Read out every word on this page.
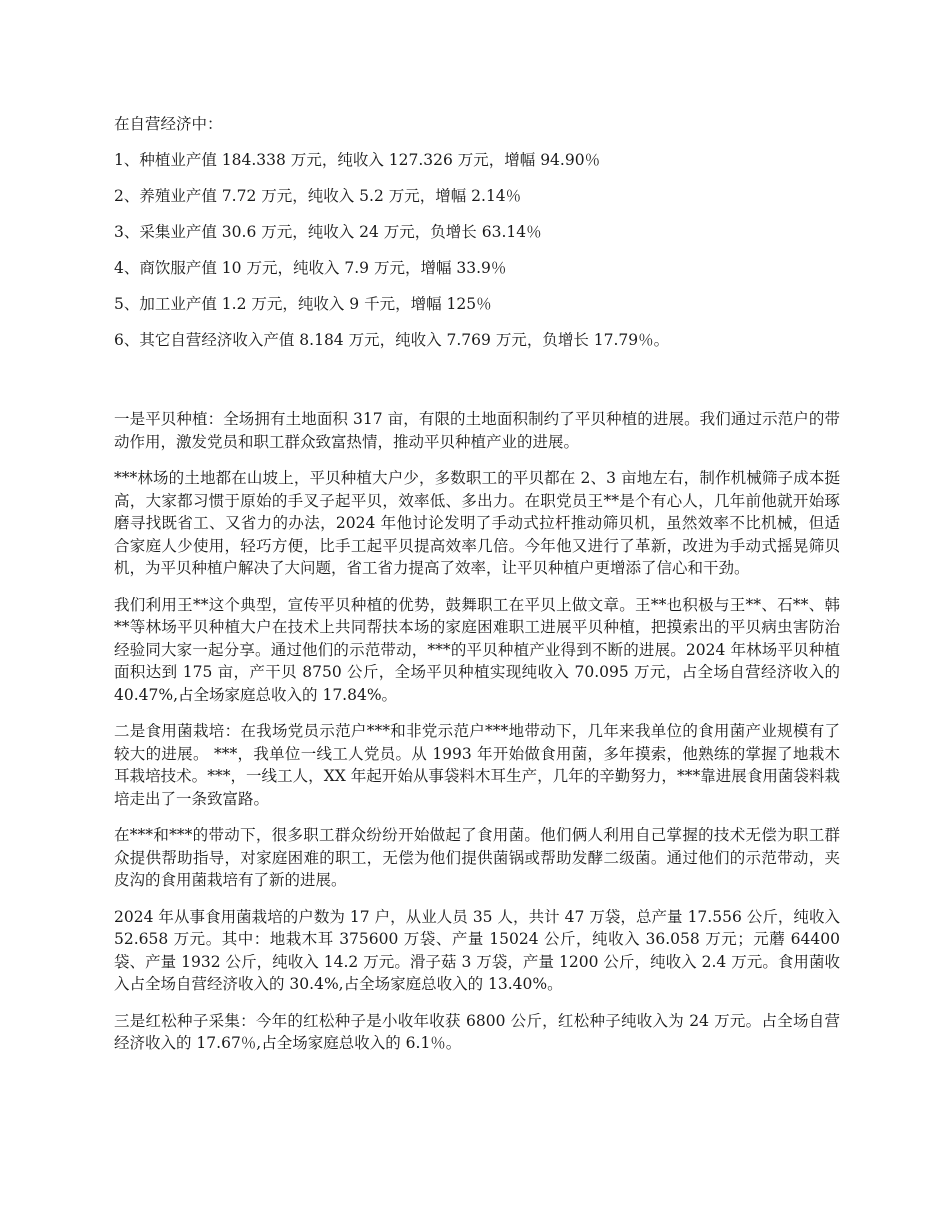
在自营经济中：

1、种植业产值 184.338 万元，纯收入 127.326 万元，增幅 94.90％

2、养殖业产值 7.72 万元，纯收入 5.2 万元，增幅 2.14％

3、采集业产值 30.6 万元，纯收入 24 万元，负增长 63.14％

4、商饮服产值 10 万元，纯收入 7.9 万元，增幅 33.9％

5、加工业产值 1.2 万元，纯收入 9 千元，增幅 125％

6、其它自营经济收入产值 8.184 万元，纯收入 7.769 万元，负增长 17.79％。

一是平贝种植：全场拥有土地面积 317 亩，有限的土地面积制约了平贝种植的进展。我们通过示范户的带动作用，激发党员和职工群众致富热情，推动平贝种植产业的进展。

***林场的土地都在山坡上，平贝种植大户少，多数职工的平贝都在 2、3 亩地左右，制作机械筛子成本挺高，大家都习惯于原始的手叉子起平贝，效率低、多出力。在职党员王**是个有心人，几年前他就开始琢磨寻找既省工、又省力的办法，2024 年他讨论发明了手动式拉杆推动筛贝机，虽然效率不比机械，但适合家庭人少使用，轻巧方便，比手工起平贝提高效率几倍。今年他又进行了革新，改进为手动式摇晃筛贝机，为平贝种植户解决了大问题，省工省力提高了效率，让平贝种植户更增添了信心和干劲。

我们利用王**这个典型，宣传平贝种植的优势，鼓舞职工在平贝上做文章。王**也积极与王**、石**、韩**等林场平贝种植大户在技术上共同帮扶本场的家庭困难职工进展平贝种植，把摸索出的平贝病虫害防治经验同大家一起分享。通过他们的示范带动，***的平贝种植产业得到不断的进展。2024 年林场平贝种植面积达到 175 亩，产干贝 8750 公斤，全场平贝种植实现纯收入 70.095 万元，占全场自营经济收入的 40.47%,占全场家庭总收入的 17.84%。

二是食用菌栽培：在我场党员示范户***和非党示范户***地带动下，几年来我单位的食用菌产业规模有了较大的进展。 ***，我单位一线工人党员。从 1993 年开始做食用菌，多年摸索，他熟练的掌握了地栽木耳栽培技术。***，一线工人，XX 年起开始从事袋料木耳生产，几年的辛勤努力，***靠进展食用菌袋料栽培走出了一条致富路。

在***和***的带动下，很多职工群众纷纷开始做起了食用菌。他们俩人利用自己掌握的技术无偿为职工群众提供帮助指导，对家庭困难的职工，无偿为他们提供菌锅或帮助发酵二级菌。通过他们的示范带动，夹皮沟的食用菌栽培有了新的进展。

2024 年从事食用菌栽培的户数为 17 户，从业人员 35 人，共计 47 万袋，总产量 17.556 公斤，纯收入 52.658 万元。其中：地栽木耳 375600 万袋、产量 15024 公斤，纯收入 36.058 万元；元蘑 64400 袋、产量 1932 公斤，纯收入 14.2 万元。滑子菇 3 万袋，产量 1200 公斤，纯收入 2.4 万元。食用菌收入占全场自营经济收入的 30.4%,占全场家庭总收入的 13.40%。

三是红松种子采集：今年的红松种子是小收年收获 6800 公斤，红松种子纯收入为 24 万元。占全场自营经济收入的 17.67％,占全场家庭总收入的 6.1％。
